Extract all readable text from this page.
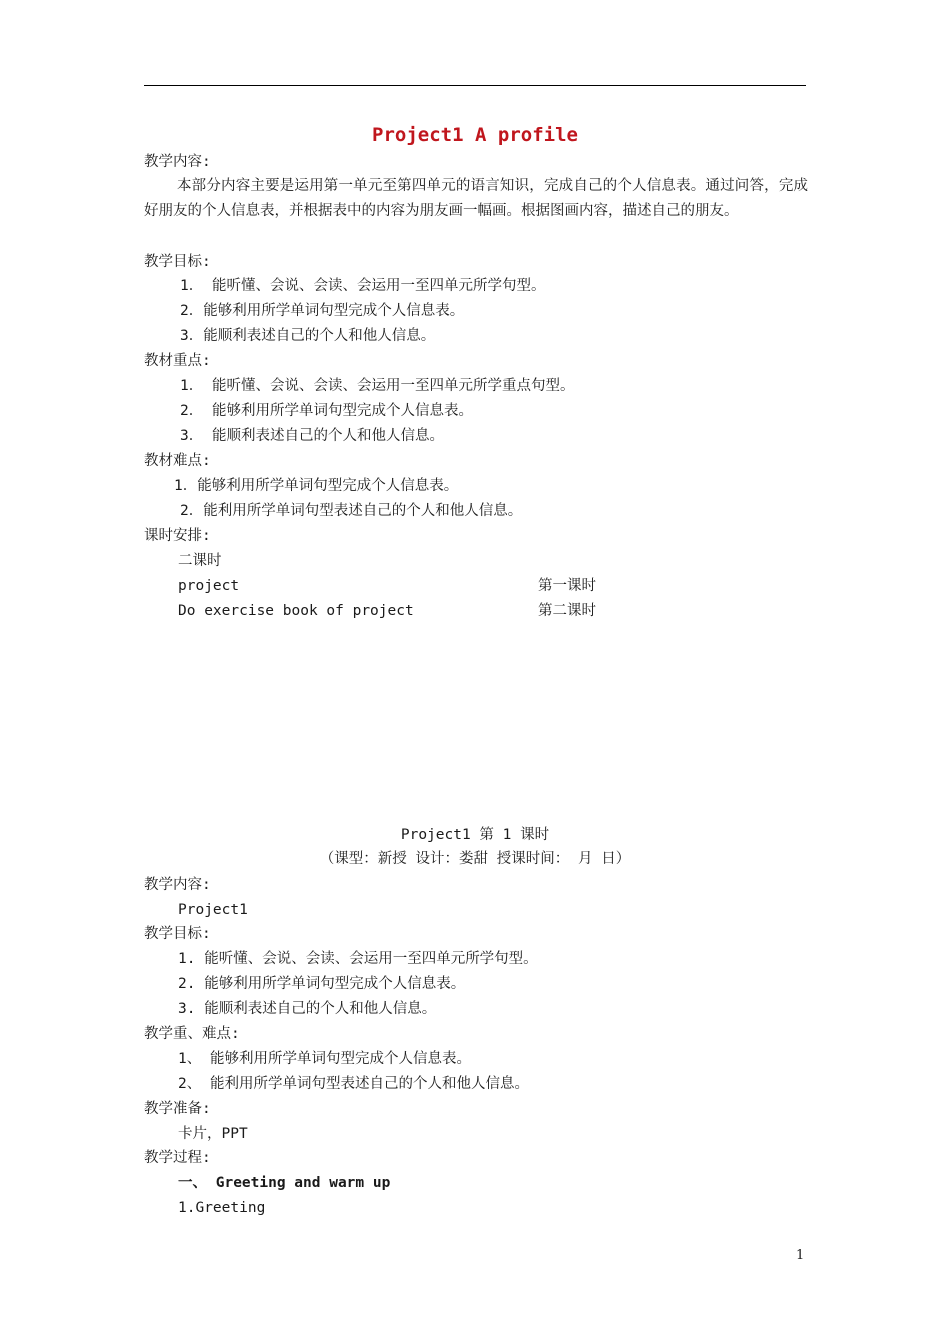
Project1 A profile
教学内容:
本部分内容主要是运用第一单元至第四单元的语言知识，完成自己的个人信息表。通过问答，完成好朋友的个人信息表，并根据表中的内容为朋友画一幅画。根据图画内容，描述自己的朋友。
教学目标:
1． 能听懂、会说、会读、会运用一至四单元所学句型。
2．能够利用所学单词句型完成个人信息表。
3．能顺利表述自己的个人和他人信息。
教材重点:
1． 能听懂、会说、会读、会运用一至四单元所学重点句型。
2． 能够利用所学单词句型完成个人信息表。
3． 能顺利表述自己的个人和他人信息。
教材难点:
1．能够利用所学单词句型完成个人信息表。
2．能利用所学单词句型表述自己的个人和他人信息。
课时安排:
二课时
project	第一课时
Do exercise book of project	第二课时
Project1 第 1 课时
（课型：新授 设计：娄甜 授课时间： 月 日）
教学内容:
Project1
教学目标:
1. 能听懂、会说、会读、会运用一至四单元所学句型。
2. 能够利用所学单词句型完成个人信息表。
3. 能顺利表述自己的个人和他人信息。
教学重、难点:
1、 能够利用所学单词句型完成个人信息表。
2、 能利用所学单词句型表述自己的个人和他人信息。
教学准备:
卡片，PPT
教学过程:
一、 Greeting and warm up
1.Greeting
1
